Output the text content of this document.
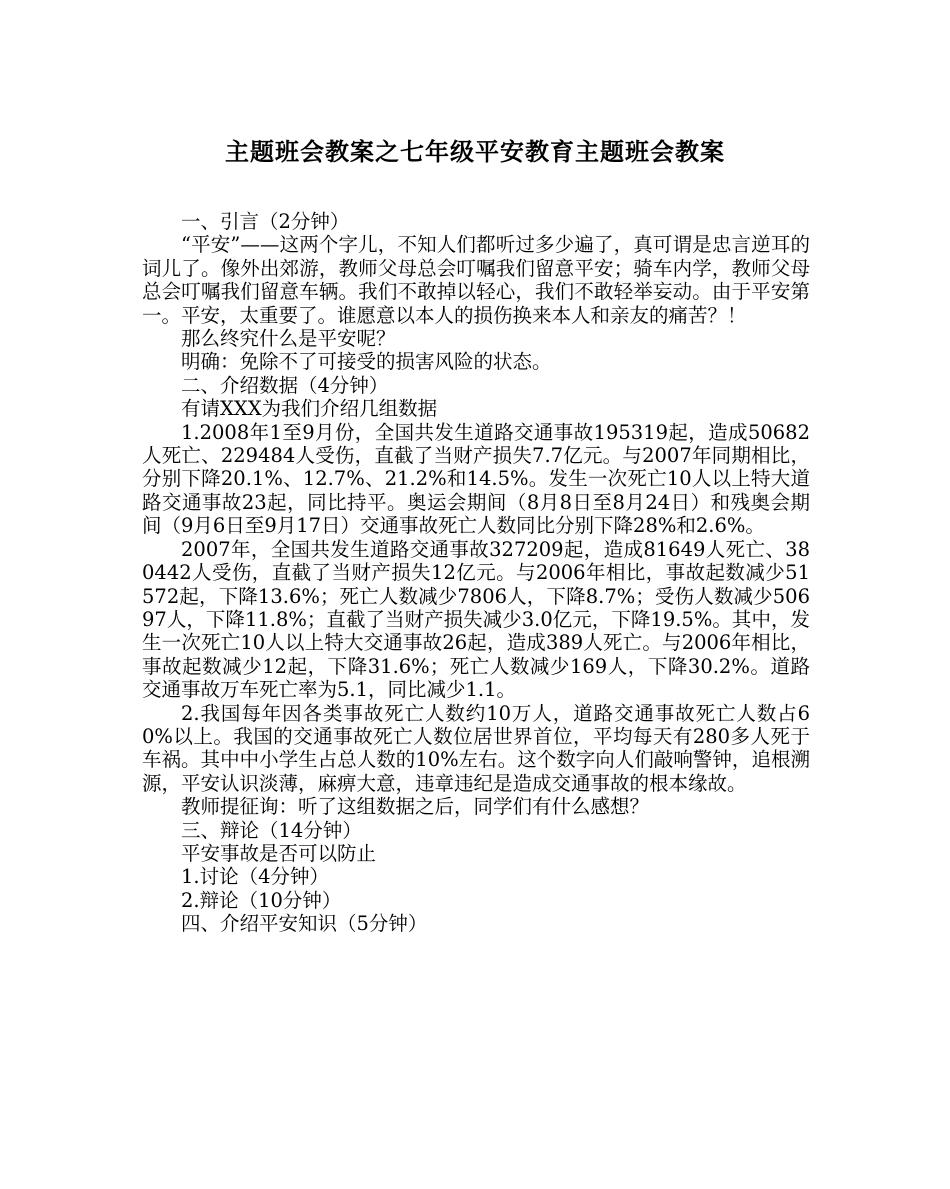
主题班会教案之七年级平安教育主题班会教案

一、引言（2分钟）

“平安”——这两个字儿，不知人们都听过多少遍了，真可谓是忠言逆耳的词儿了。像外出郊游，教师父母总会叮嘱我们留意平安；骑车内学，教师父母总会叮嘱我们留意车辆。我们不敢掉以轻心，我们不敢轻举妄动。由于平安第一。平安，太重要了。谁愿意以本人的损伤换来本人和亲友的痛苦？！

那么终究什么是平安呢？

明确：免除不了可接受的损害风险的状态。

二、介绍数据（4分钟）

有请XXX为我们介绍几组数据

1.2008年1至9月份，全国共发生道路交通事故195319起，造成50682人死亡、229484人受伤，直截了当财产损失7.7亿元。与2007年同期相比，分别下降20.1%、12.7%、21.2%和14.5%。发生一次死亡10人以上特大道路交通事故23起，同比持平。奥运会期间（8月8日至8月24日）和残奥会期间（9月6日至9月17日）交通事故死亡人数同比分别下降28%和2.6%。

2007年，全国共发生道路交通事故327209起，造成81649人死亡、380442人受伤，直截了当财产损失12亿元。与2006年相比，事故起数减少51572起，下降13.6%；死亡人数减少7806人，下降8.7%；受伤人数减少50697人，下降11.8%；直截了当财产损失减少3.0亿元，下降19.5%。其中，发生一次死亡10人以上特大交通事故26起，造成389人死亡。与2006年相比，事故起数减少12起，下降31.6%；死亡人数减少169人，下降30.2%。道路交通事故万车死亡率为5.1，同比减少1.1。

2.我国每年因各类事故死亡人数约10万人，道路交通事故死亡人数占60%以上。我国的交通事故死亡人数位居世界首位，平均每天有280多人死于车祸。其中中小学生占总人数的10%左右。这个数字向人们敲响警钟，追根溯源，平安认识淡薄，麻痹大意，违章违纪是造成交通事故的根本缘故。

教师提征询：听了这组数据之后，同学们有什么感想？

三、辩论（14分钟）

平安事故是否可以防止

1.讨论（4分钟）

2.辩论（10分钟）

四、介绍平安知识（5分钟）
